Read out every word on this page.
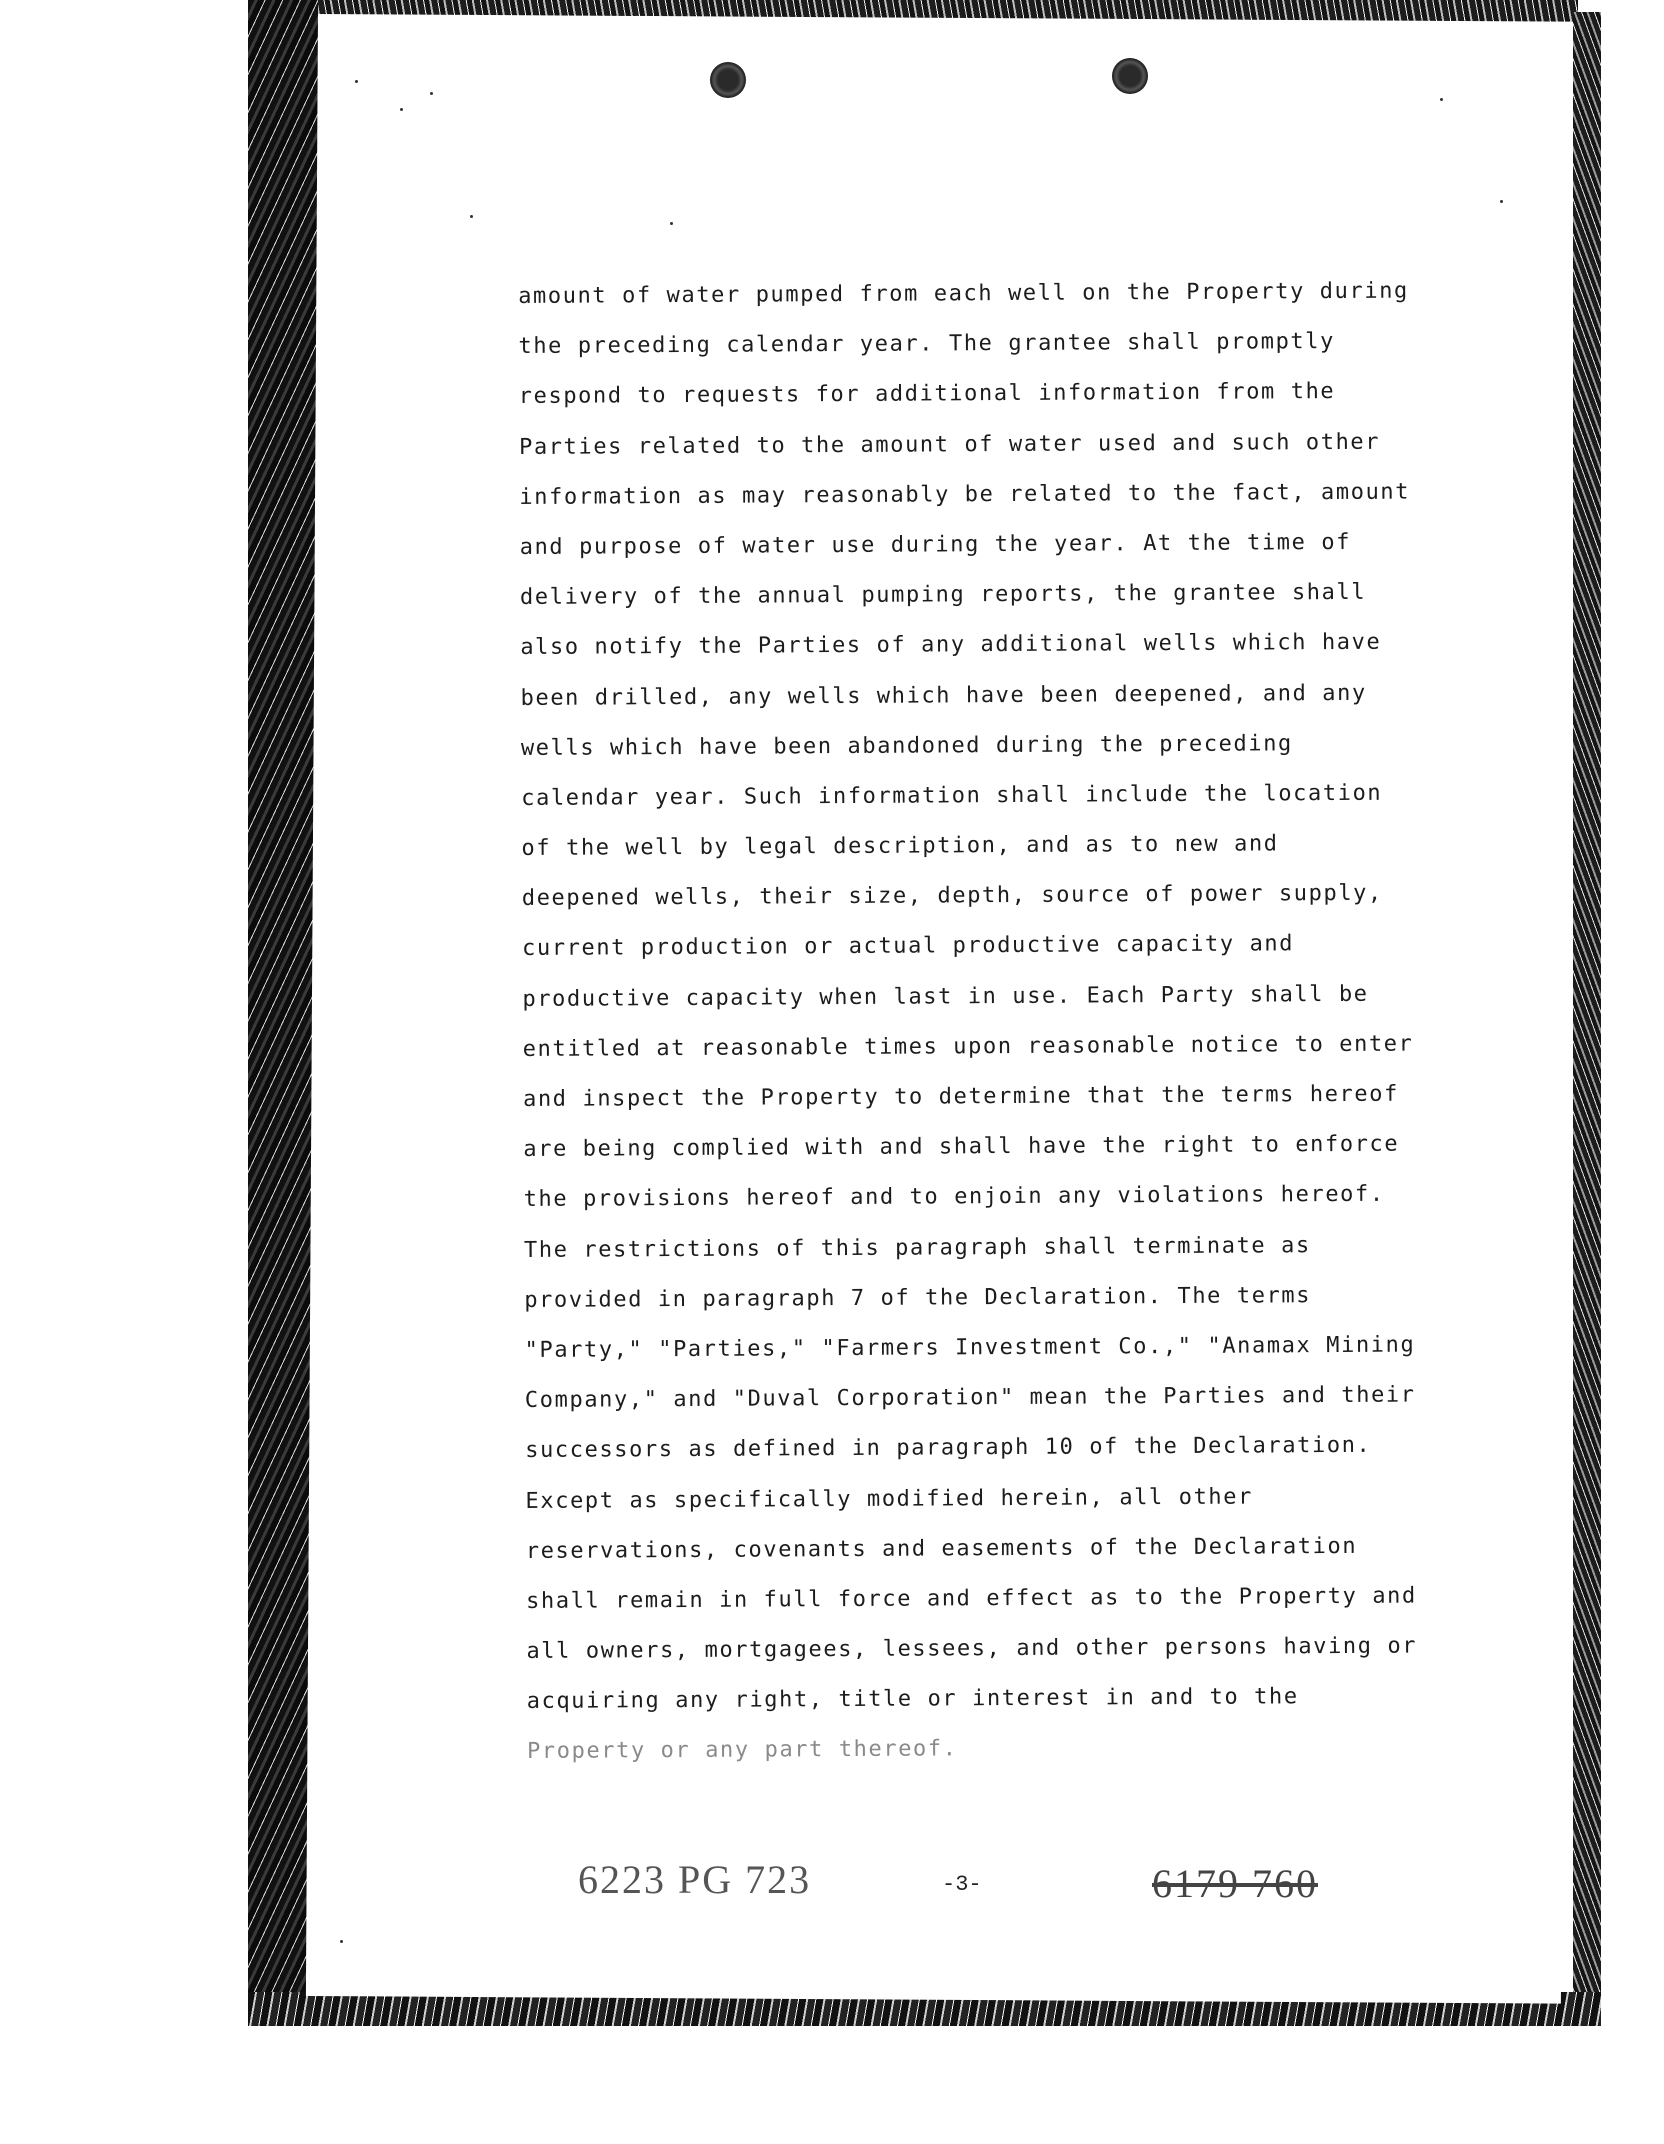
amount of water pumped from each well on the Property during
the preceding calendar year. The grantee shall promptly
respond to requests for additional information from the
Parties related to the amount of water used and such other
information as may reasonably be related to the fact, amount
and purpose of water use during the year. At the time of
delivery of the annual pumping reports, the grantee shall
also notify the Parties of any additional wells which have
been drilled, any wells which have been deepened, and any
wells which have been abandoned during the preceding
calendar year. Such information shall include the location
of the well by legal description, and as to new and
deepened wells, their size, depth, source of power supply,
current production or actual productive capacity and
productive capacity when last in use. Each Party shall be
entitled at reasonable times upon reasonable notice to enter
and inspect the Property to determine that the terms hereof
are being complied with and shall have the right to enforce
the provisions hereof and to enjoin any violations hereof.
The restrictions of this paragraph shall terminate as
provided in paragraph 7 of the Declaration. The terms
"Party," "Parties," "Farmers Investment Co.," "Anamax Mining
Company," and "Duval Corporation" mean the Parties and their
successors as defined in paragraph 10 of the Declaration.
Except as specifically modified herein, all other
reservations, covenants and easements of the Declaration
shall remain in full force and effect as to the Property and
all owners, mortgagees, lessees, and other persons having or
acquiring any right, title or interest in and to the
Property or any part thereof.
6223 PG 723	-3-	6179 760
